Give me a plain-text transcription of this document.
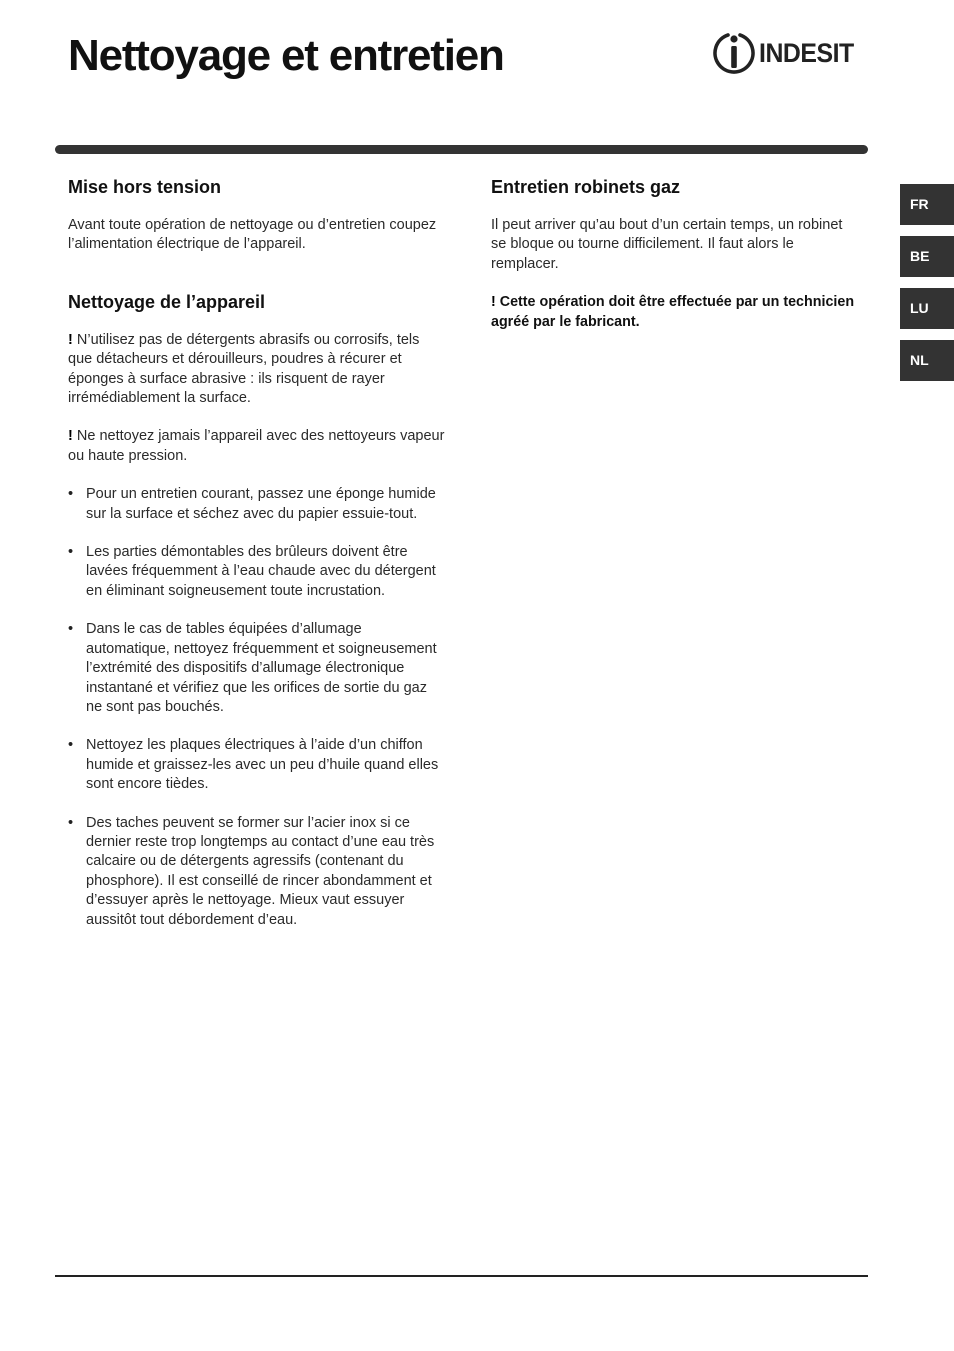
Nettoyage et entretien	INDESIT
Mise hors tension

Avant toute opération de nettoyage ou d’entretien coupez l’alimentation électrique de l’appareil.

Nettoyage de l’appareil

! N’utilisez pas de détergents abrasifs ou corrosifs, tels que détacheurs et dérouilleurs, poudres à récurer et éponges à surface abrasive : ils risquent de rayer irrémédiablement la surface.

! Ne nettoyez jamais l’appareil avec des nettoyeurs vapeur ou haute pression.

• Pour un entretien courant, passez une éponge humide sur la surface et séchez avec du papier essuie-tout.
• Les parties démontables des brûleurs doivent être lavées fréquemment à l’eau chaude avec du détergent en éliminant soigneusement toute incrustation.
• Dans le cas de tables équipées d’allumage automatique, nettoyez fréquemment et soigneusement l’extrémité des dispositifs d’allumage électronique instantané et vérifiez que les orifices de sortie du gaz ne sont pas bouchés.
• Nettoyez les plaques électriques à l’aide d’un chiffon humide et graissez-les avec un peu d’huile quand elles sont encore tièdes.
• Des taches peuvent se former sur l’acier inox si ce dernier reste trop longtemps au contact d’une eau très calcaire ou de détergents agressifs (contenant du phosphore). Il est conseillé de rincer abondamment et d’essuyer après le nettoyage. Mieux vaut essuyer aussitôt tout débordement d’eau.
Entretien robinets gaz

Il peut arriver qu’au bout d’un certain temps, un robinet se bloque ou tourne difficilement. Il faut alors le remplacer.

! Cette opération doit être effectuée par un technicien agréé par le fabricant.

FR
BE
LU
NL
